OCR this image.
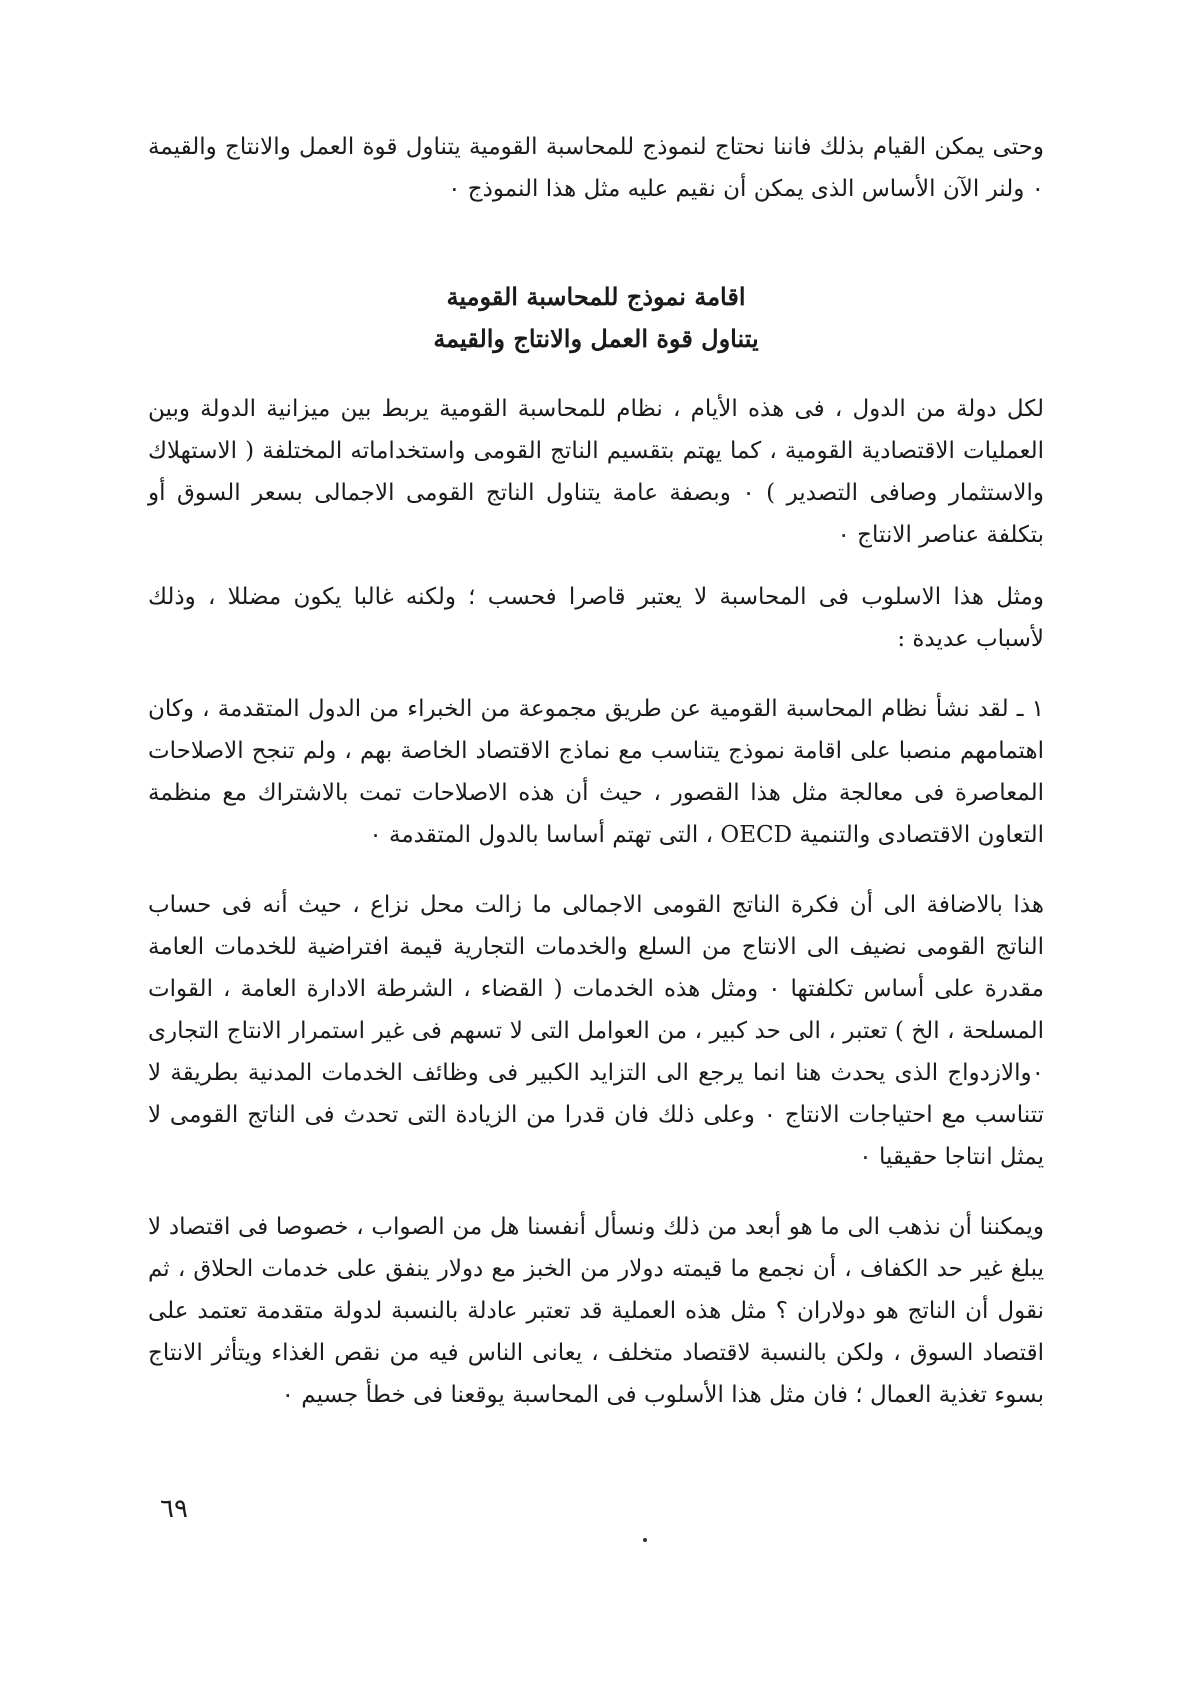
وحتى يمكن القيام بذلك فاننا نحتاج لنموذج للمحاسبة القومية يتناول قوة العمل والانتاج والقيمة ٠ ولنر الآن الأساس الذى يمكن أن نقيم عليه مثل هذا النموذج ٠

اقامة نموذج للمحاسبة القومية

يتناول قوة العمل والانتاج والقيمة

لكل دولة من الدول ، فى هذه الأيام ، نظام للمحاسبة القومية يربط بين ميزانية الدولة وبين العمليات الاقتصادية القومية ، كما يهتم بتقسيم الناتج القومى واستخداماته المختلفة ( الاستهلاك والاستثمار وصافى التصدير ) ٠ وبصفة عامة يتناول الناتج القومى الاجمالى بسعر السوق أو بتكلفة عناصر الانتاج ٠

ومثل هذا الاسلوب فى المحاسبة لا يعتبر قاصرا فحسب ؛ ولكنه غالبا يكون مضللا ، وذلك لأسباب عديدة :

١ ـ لقد نشأ نظام المحاسبة القومية عن طريق مجموعة من الخبراء من الدول المتقدمة ، وكان اهتمامهم منصبا على اقامة نموذج يتناسب مع نماذج الاقتصاد الخاصة بهم ، ولم تنجح الاصلاحات المعاصرة فى معالجة مثل هذا القصور ، حيث أن هذه الاصلاحات تمت بالاشتراك مع منظمة التعاون الاقتصادى والتنمية OECD ، التى تهتم أساسا بالدول المتقدمة ٠

هذا بالاضافة الى أن فكرة الناتج القومى الاجمالى ما زالت محل نزاع ، حيث أنه فى حساب الناتج القومى نضيف الى الانتاج من السلع والخدمات التجارية قيمة افتراضية للخدمات العامة مقدرة على أساس تكلفتها ٠ ومثل هذه الخدمات ( القضاء ، الشرطة الادارة العامة ، القوات المسلحة ، الخ ) تعتبر ، الى حد كبير ، من العوامل التى لا تسهم فى غير استمرار الانتاج التجارى ٠والازدواج الذى يحدث هنا انما يرجع الى التزايد الكبير فى وظائف الخدمات المدنية بطريقة لا تتناسب مع احتياجات الانتاج ٠ وعلى ذلك فان قدرا من الزيادة التى تحدث فى الناتج القومى لا يمثل انتاجا حقيقيا ٠

ويمكننا أن نذهب الى ما هو أبعد من ذلك ونسأل أنفسنا هل من الصواب ، خصوصا فى اقتصاد لا يبلغ غير حد الكفاف ، أن نجمع ما قيمته دولار من الخبز مع دولار ينفق على خدمات الحلاق ، ثم نقول أن الناتج هو دولاران ؟ مثل هذه العملية قد تعتبر عادلة بالنسبة لدولة متقدمة تعتمد على اقتصاد السوق ، ولكن بالنسبة لاقتصاد متخلف ، يعانى الناس فيه من نقص الغذاء ويتأثر الانتاج بسوء تغذية العمال ؛ فان مثل هذا الأسلوب فى المحاسبة يوقعنا فى خطأ جسيم ٠

٦٩
